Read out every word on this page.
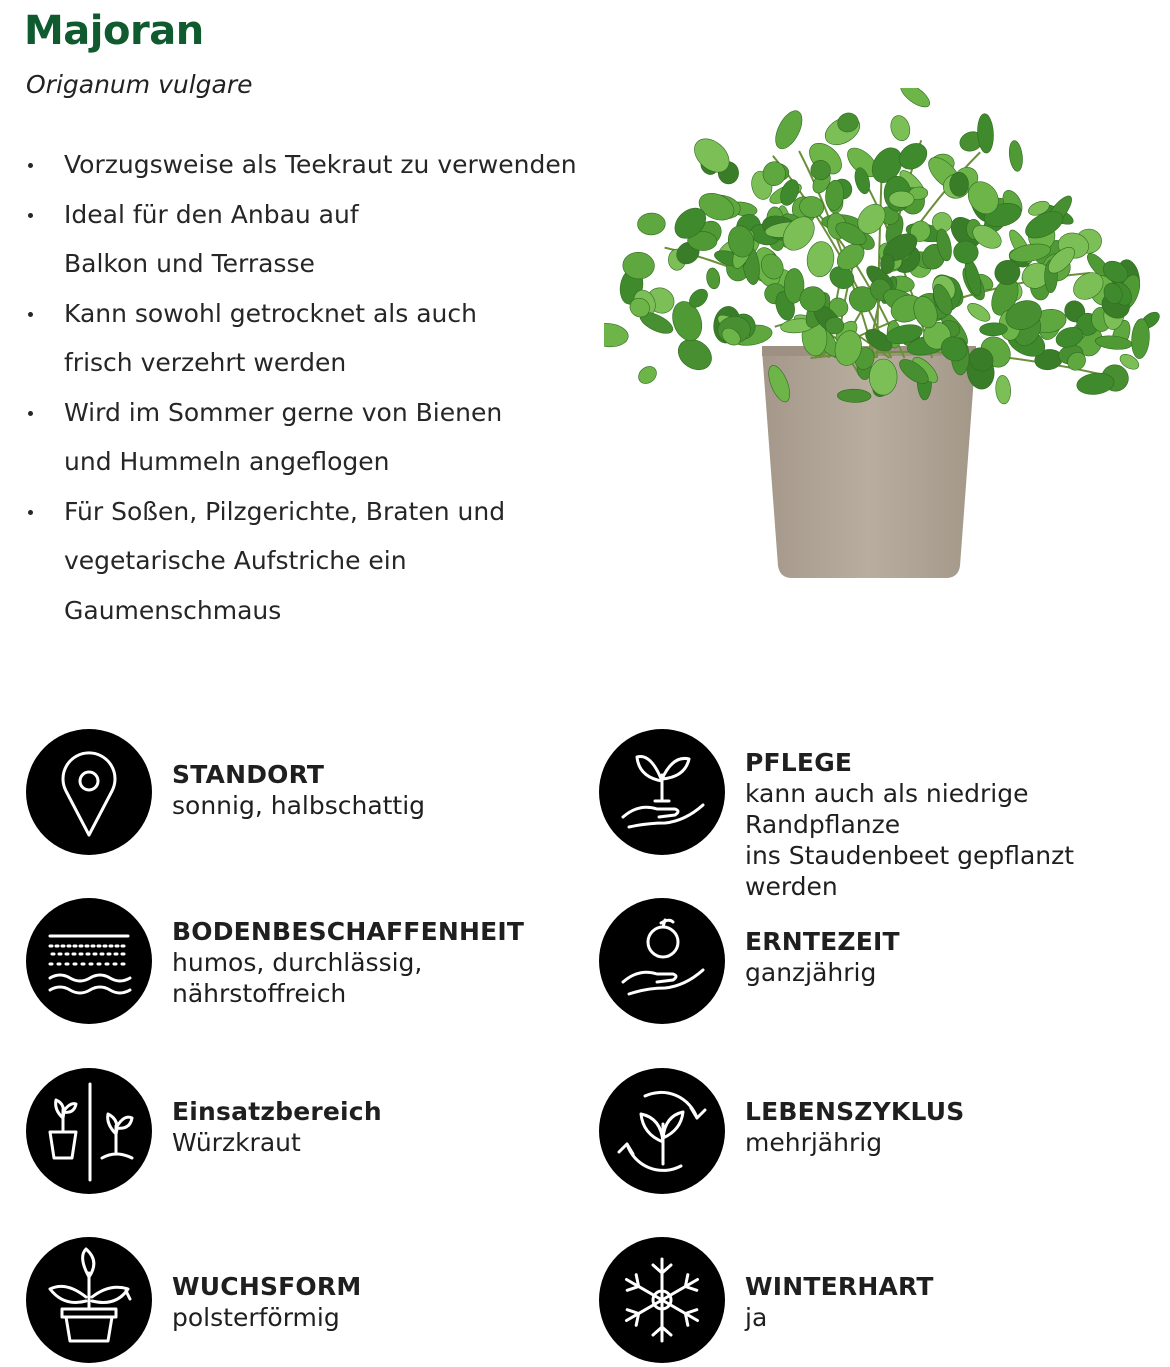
Majoran

Origanum vulgare

Vorzugsweise als Teekraut zu verwenden
Ideal für den Anbau auf Balkon und Terrasse
Kann sowohl getrocknet als auch frisch verzehrt werden
Wird im Sommer gerne von Bienen und Hummeln angeflogen
Für Soßen, Pilzgerichte, Braten und vegetarische Aufstriche ein Gaumenschmaus
STANDORT
sonnig, halbschattig
PFLEGE
kann auch als niedrige Randpflanze
ins Staudenbeet gepflanzt werden
BODENBESCHAFFENHEIT
humos, durchlässig,
nährstoffreich
ERNTEZEIT
ganzjährig
Einsatzbereich
Würzkraut
LEBENSZYKLUS
mehrjährig
WUCHSFORM
polsterförmig
WINTERHART
ja
